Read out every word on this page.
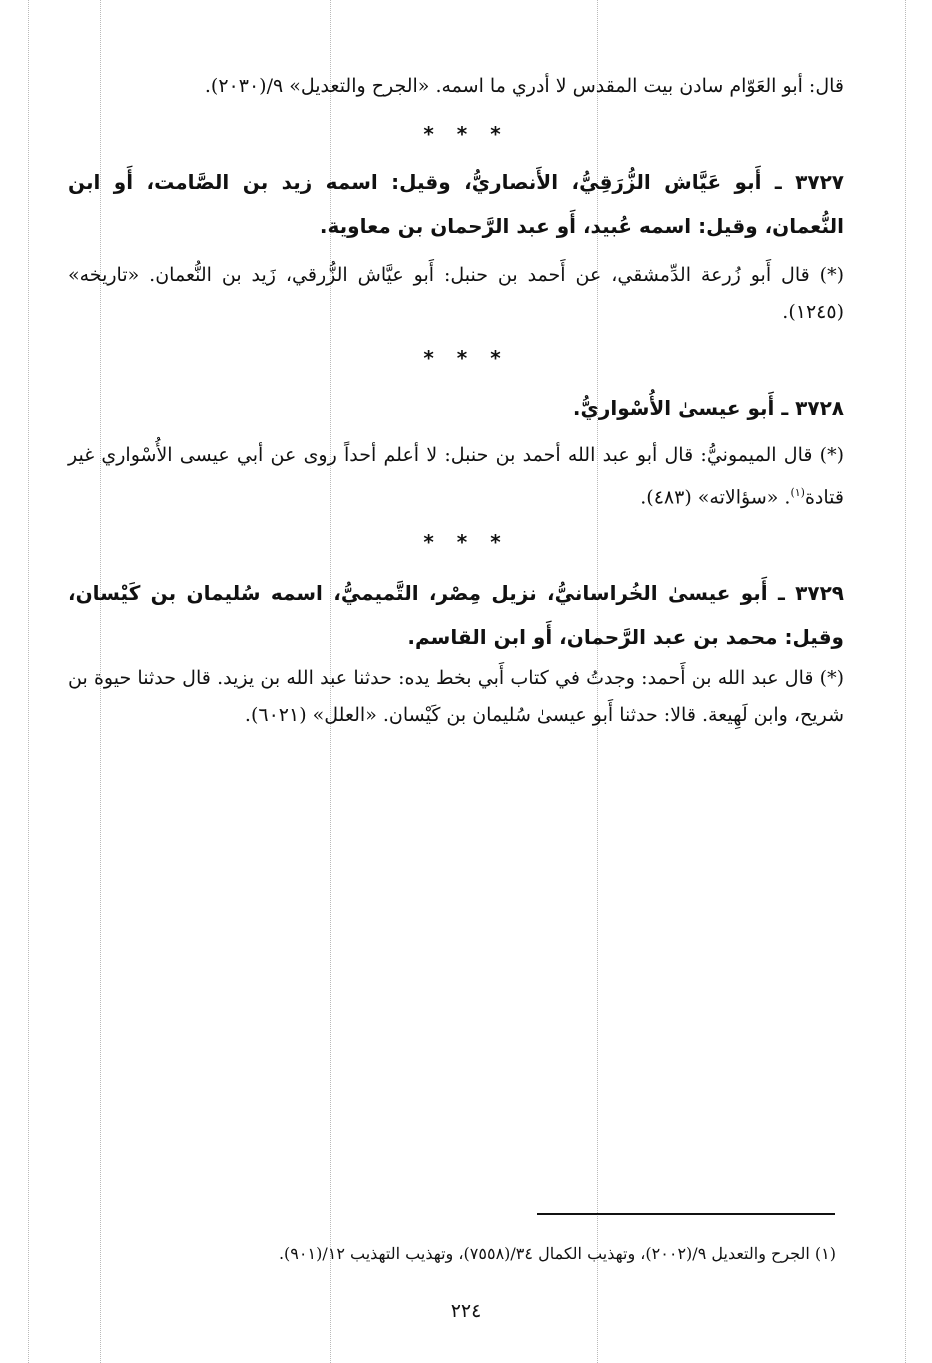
قال: أبو العَوّام سادن بيت المقدس لا أدري ما اسمه. «الجرح والتعديل» ٩/(٢٠٣٠).
* * *
٣٧٢٧ ـ أَبو عَيَّاش الزُّرَقِيُّ، الأَنصاريُّ، وقيل: اسمه زيد بن الصَّامت، أَو ابن النُّعمان، وقيل: اسمه عُبيد، أَو عبد الرَّحمان بن معاوية.
(*) قال أَبو زُرعة الدِّمشقي، عن أَحمد بن حنبل: أَبو عيَّاش الزُّرقي، زَيد بن النُّعمان. «تاريخه» (١٢٤٥).
* * *
٣٧٢٨ ـ أَبو عيسىٰ الأُسْواريُّ.
(*) قال الميمونيُّ: قال أبو عبد الله أحمد بن حنبل: لا أعلم أحداً روى عن أبي عيسى الأُسْواري غير قتادة$^{(١)}$. «سؤالاته» (٤٨٣).
* * *
٣٧٢٩ ـ أَبو عيسىٰ الخُراسانيُّ، نزيل مِصْر، التَّميميُّ، اسمه سُليمان بن كَيْسان، وقيل: محمد بن عبد الرَّحمان، أَو ابن القاسم.
(*) قال عبد الله بن أَحمد: وجدتُ في كتاب أَبي بخط يده: حدثنا عبد الله بن يزيد. قال حدثنا حيوة بن شريح، وابن لَهِيعة. قالا: حدثنا أَبو عيسىٰ سُليمان بن كَيْسان. «العلل» (٦٠٢١).
(١) الجرح والتعديل ٩/(٢٠٠٢)، وتهذيب الكمال ٣٤/(٧٥٥٨)، وتهذيب التهذيب ١٢/(٩٠١).
٢٢٤
